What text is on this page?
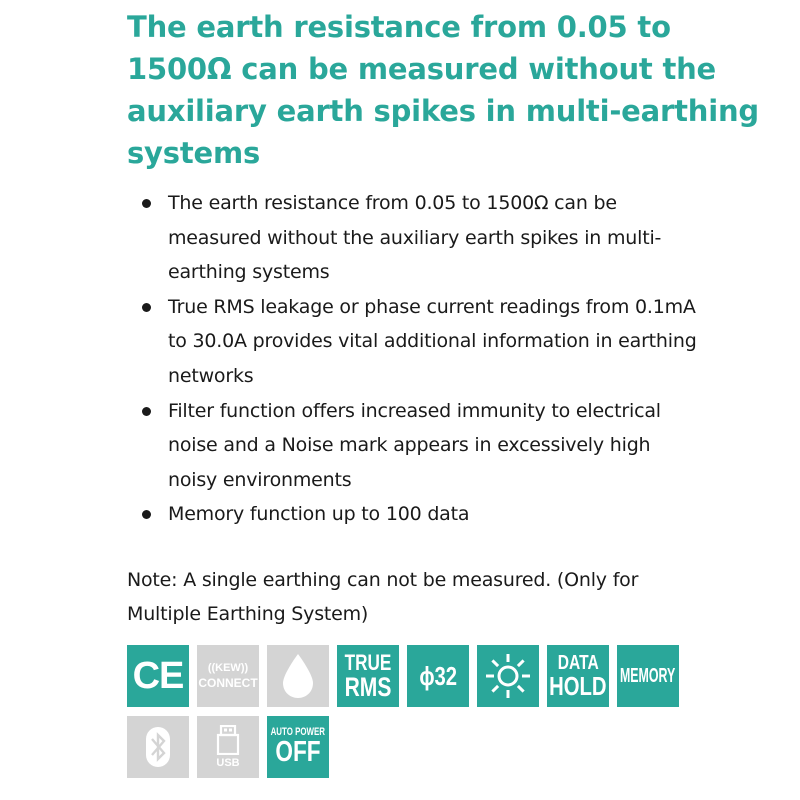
The earth resistance from 0.05 to 1500Ω can be measured without the auxiliary earth spikes in multi-earthing systems
The earth resistance from 0.05 to 1500Ω can be measured without the auxiliary earth spikes in multi-earthing systems
True RMS leakage or phase current readings from 0.1mA to 30.0A provides vital additional information in earthing networks
Filter function offers increased immunity to electrical noise and a Noise mark appears in excessively high noisy environments
Memory function up to 100 data

Note: A single earthing can not be measured. (Only for Multiple Earthing System)

CE ((KEW))
CONNECT
TRUE
RMS ϕ32	DATA
HOLD MEMORY
USB
AUTO POWER
OFF
